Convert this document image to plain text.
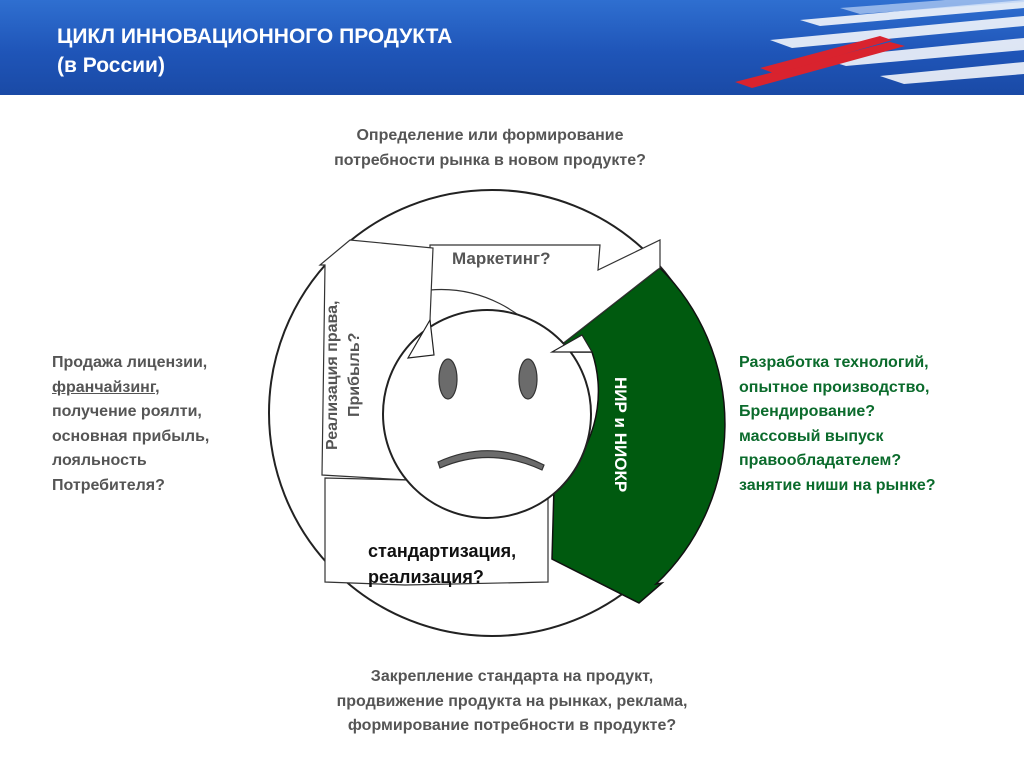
ЦИКЛ ИННОВАЦИОННОГО ПРОДУКТА
(в России)
Маркетинг?
НИР и НИОКР
стандартизация,
реализация?
Реализация права, Прибыль?
Определение или формирование
потребности рынка в новом продукте?
Продажа лицензии,
франчайзинг,
получение роялти,
основная прибыль,
лояльность
Потребителя?
Разработка технологий,
опытное производство,
Брендирование?
массовый выпуск
правообладателем?
занятие ниши на рынке?
Закрепление стандарта на продукт,
продвижение продукта на рынках, реклама,
формирование потребности в продукте?
